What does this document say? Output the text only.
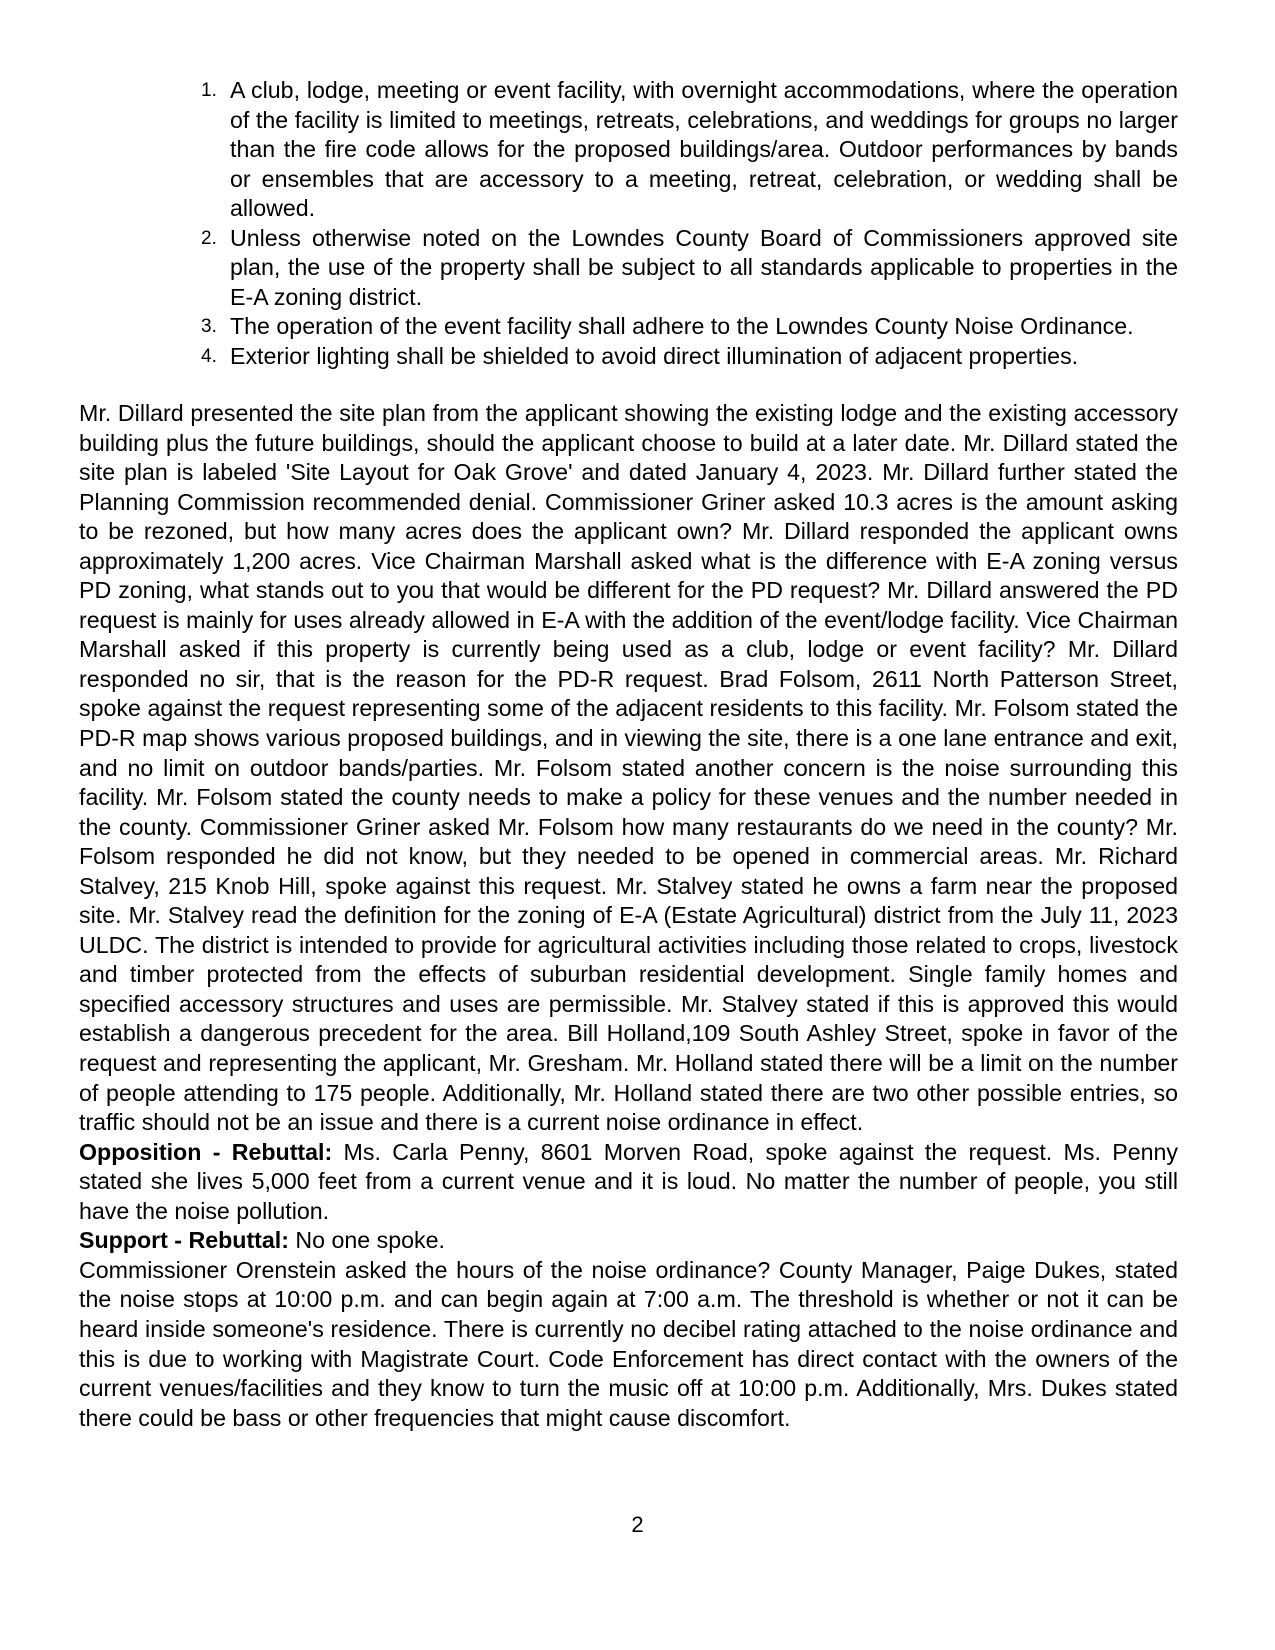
1. A club, lodge, meeting or event facility, with overnight accommodations, where the operation of the facility is limited to meetings, retreats, celebrations, and weddings for groups no larger than the fire code allows for the proposed buildings/area. Outdoor performances by bands or ensembles that are accessory to a meeting, retreat, celebration, or wedding shall be allowed.
2. Unless otherwise noted on the Lowndes County Board of Commissioners approved site plan, the use of the property shall be subject to all standards applicable to properties in the E-A zoning district.
3. The operation of the event facility shall adhere to the Lowndes County Noise Ordinance.
4. Exterior lighting shall be shielded to avoid direct illumination of adjacent properties.

Mr. Dillard presented the site plan from the applicant showing the existing lodge and the existing accessory building plus the future buildings, should the applicant choose to build at a later date. Mr. Dillard stated the site plan is labeled 'Site Layout for Oak Grove' and dated January 4, 2023. Mr. Dillard further stated the Planning Commission recommended denial. Commissioner Griner asked 10.3 acres is the amount asking to be rezoned, but how many acres does the applicant own? Mr. Dillard responded the applicant owns approximately 1,200 acres. Vice Chairman Marshall asked what is the difference with E-A zoning versus PD zoning, what stands out to you that would be different for the PD request? Mr. Dillard answered the PD request is mainly for uses already allowed in E-A with the addition of the event/lodge facility. Vice Chairman Marshall asked if this property is currently being used as a club, lodge or event facility? Mr. Dillard responded no sir, that is the reason for the PD-R request. Brad Folsom, 2611 North Patterson Street, spoke against the request representing some of the adjacent residents to this facility. Mr. Folsom stated the PD-R map shows various proposed buildings, and in viewing the site, there is a one lane entrance and exit, and no limit on outdoor bands/parties. Mr. Folsom stated another concern is the noise surrounding this facility. Mr. Folsom stated the county needs to make a policy for these venues and the number needed in the county. Commissioner Griner asked Mr. Folsom how many restaurants do we need in the county? Mr. Folsom responded he did not know, but they needed to be opened in commercial areas. Mr. Richard Stalvey, 215 Knob Hill, spoke against this request. Mr. Stalvey stated he owns a farm near the proposed site. Mr. Stalvey read the definition for the zoning of E-A (Estate Agricultural) district from the July 11, 2023 ULDC. The district is intended to provide for agricultural activities including those related to crops, livestock and timber protected from the effects of suburban residential development. Single family homes and specified accessory structures and uses are permissible. Mr. Stalvey stated if this is approved this would establish a dangerous precedent for the area. Bill Holland,109 South Ashley Street, spoke in favor of the request and representing the applicant, Mr. Gresham. Mr. Holland stated there will be a limit on the number of people attending to 175 people. Additionally, Mr. Holland stated there are two other possible entries, so traffic should not be an issue and there is a current noise ordinance in effect.

Opposition - Rebuttal: Ms. Carla Penny, 8601 Morven Road, spoke against the request. Ms. Penny stated she lives 5,000 feet from a current venue and it is loud. No matter the number of people, you still have the noise pollution.

Support - Rebuttal: No one spoke.

Commissioner Orenstein asked the hours of the noise ordinance? County Manager, Paige Dukes, stated the noise stops at 10:00 p.m. and can begin again at 7:00 a.m. The threshold is whether or not it can be heard inside someone's residence. There is currently no decibel rating attached to the noise ordinance and this is due to working with Magistrate Court. Code Enforcement has direct contact with the owners of the current venues/facilities and they know to turn the music off at 10:00 p.m. Additionally, Mrs. Dukes stated there could be bass or other frequencies that might cause discomfort.

2
